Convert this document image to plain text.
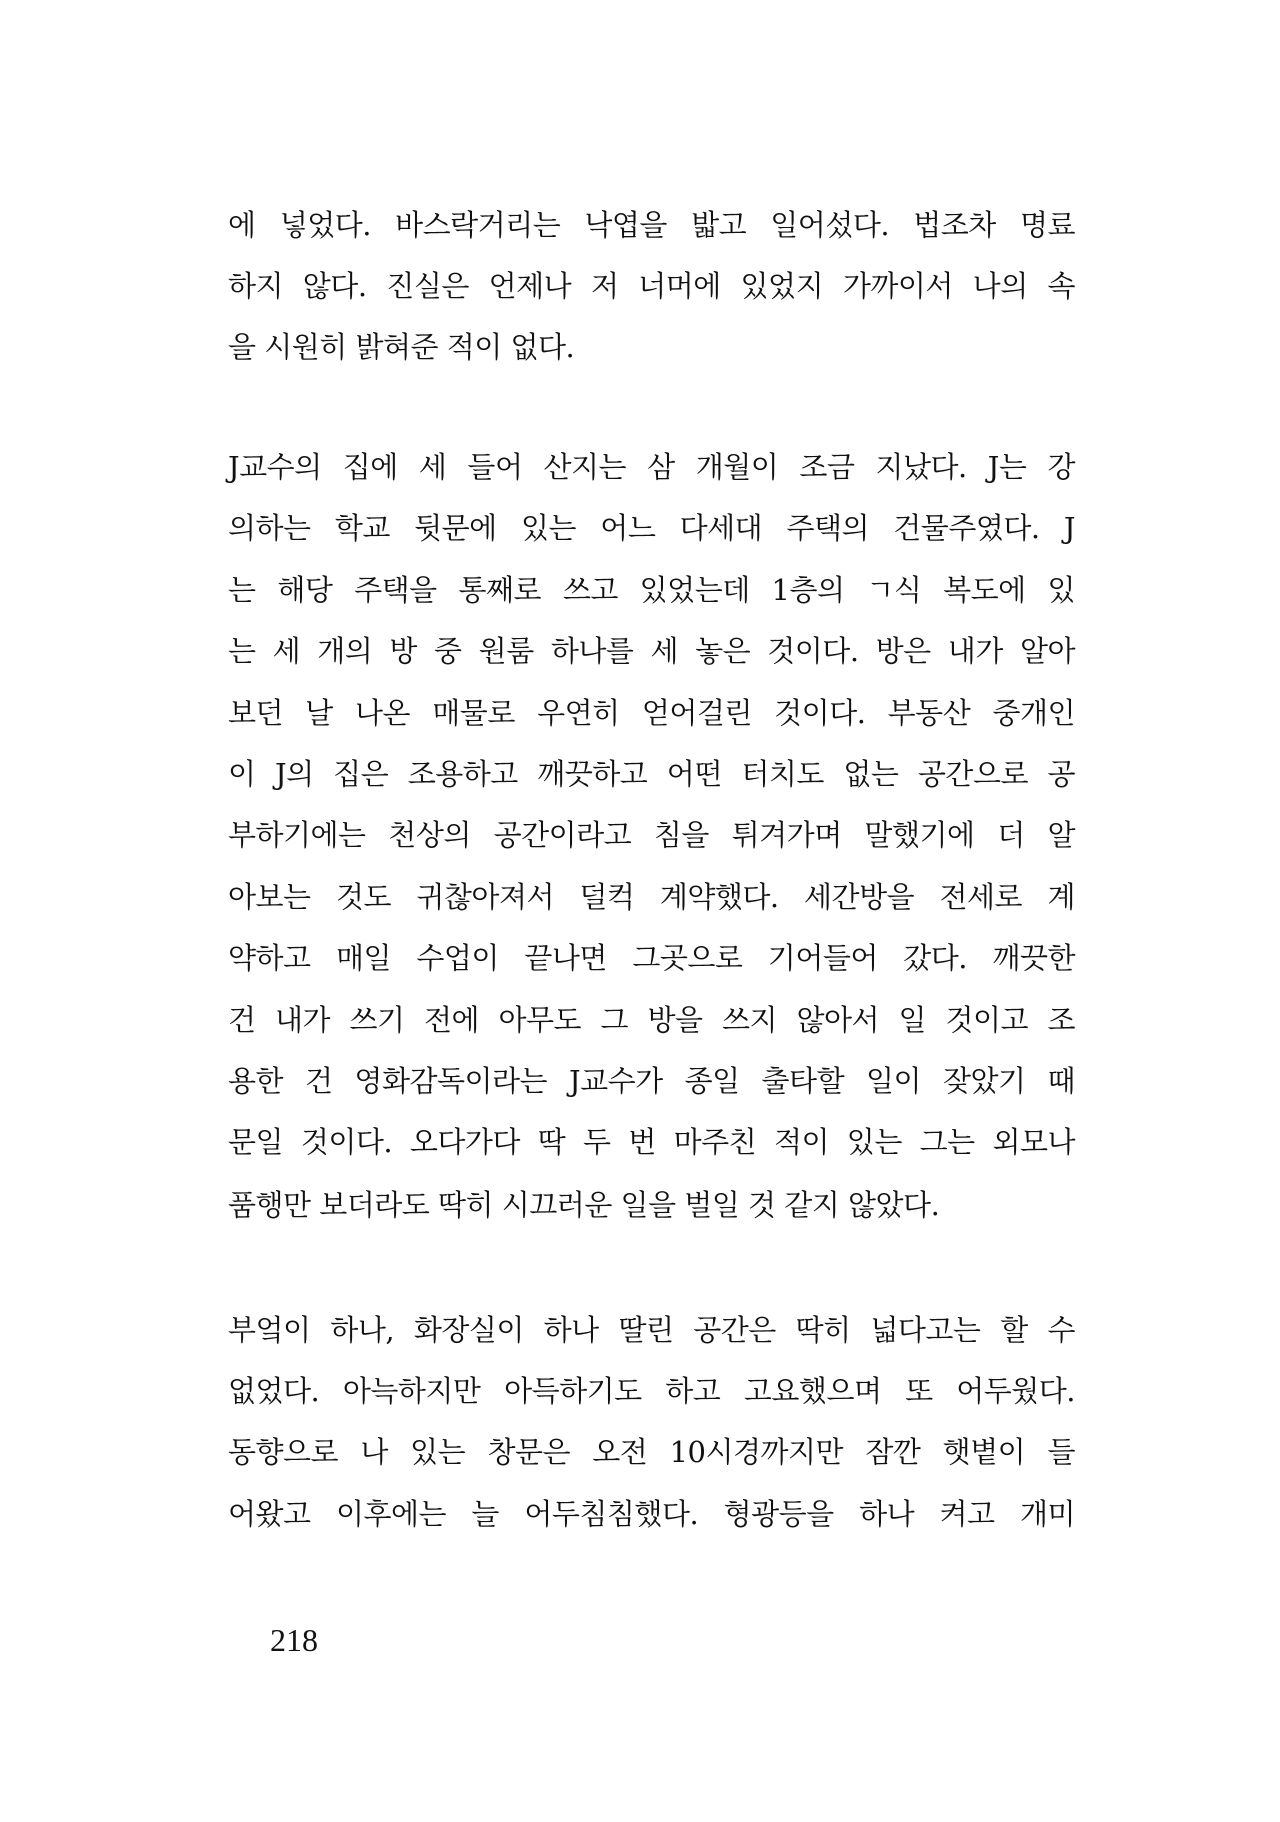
에 넣었다. 바스락거리는 낙엽을 밟고 일어섰다. 법조차 명료
하지 않다. 진실은 언제나 저 너머에 있었지 가까이서 나의 속
을 시원히 밝혀준 적이 없다.
J교수의 집에 세 들어 산지는 삼 개월이 조금 지났다. J는 강
의하는 학교 뒷문에 있는 어느 다세대 주택의 건물주였다. J
는 해당 주택을 통째로 쓰고 있었는데 1층의 ㄱ식 복도에 있
는 세 개의 방 중 원룸 하나를 세 놓은 것이다. 방은 내가 알아
보던 날 나온 매물로 우연히 얻어걸린 것이다. 부동산 중개인
이 J의 집은 조용하고 깨끗하고 어떤 터치도 없는 공간으로 공
부하기에는 천상의 공간이라고 침을 튀겨가며 말했기에 더 알
아보는 것도 귀찮아져서 덜컥 계약했다. 세간방을 전세로 계
약하고 매일 수업이 끝나면 그곳으로 기어들어 갔다. 깨끗한
건 내가 쓰기 전에 아무도 그 방을 쓰지 않아서 일 것이고 조
용한 건 영화감독이라는 J교수가 종일 출타할 일이 잦았기 때
문일 것이다. 오다가다 딱 두 번 마주친 적이 있는 그는 외모나
품행만 보더라도 딱히 시끄러운 일을 벌일 것 같지 않았다.
부엌이 하나, 화장실이 하나 딸린 공간은 딱히 넓다고는 할 수
없었다. 아늑하지만 아득하기도 하고 고요했으며 또 어두웠다.
동향으로 나 있는 창문은 오전 10시경까지만 잠깐 햇볕이 들
어왔고 이후에는 늘 어두침침했다. 형광등을 하나 켜고 개미
218
